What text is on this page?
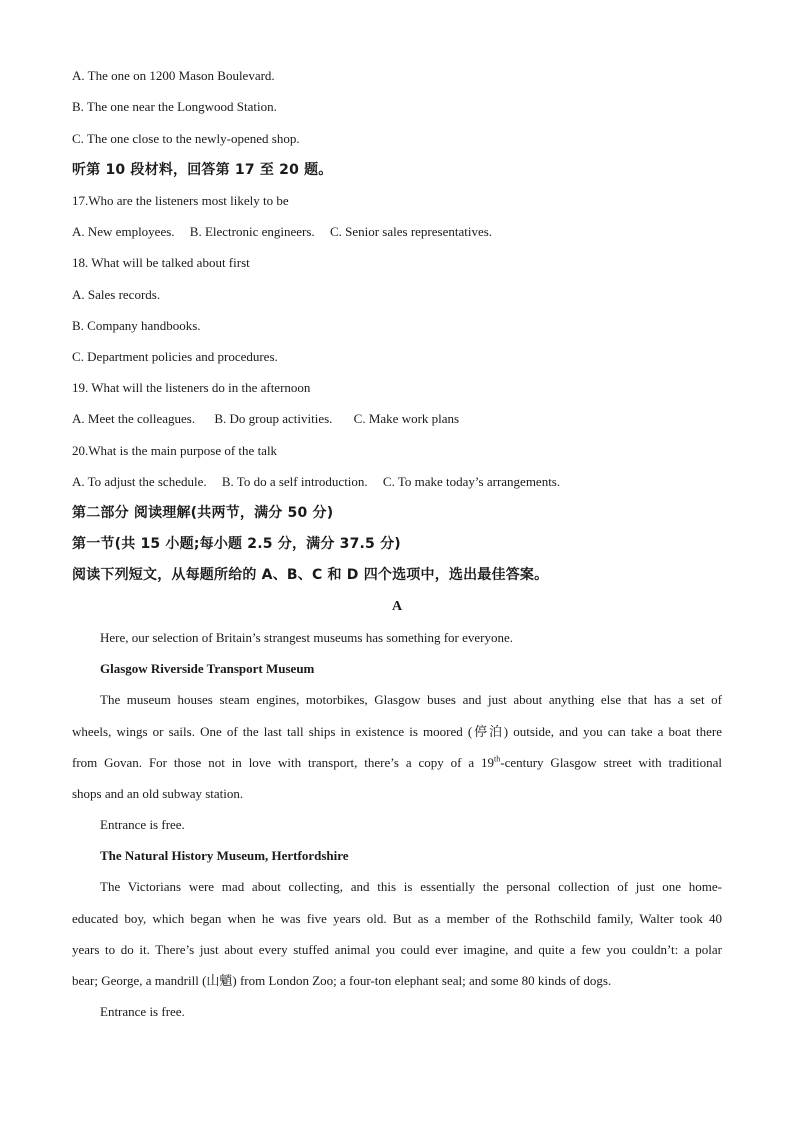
A. The one on 1200 Mason Boulevard.
B. The one near the Longwood Station.
C. The one close to the newly-opened shop.
听第 10 段材料，回答第 17 至 20 题。
17.Who are the listeners most likely to be
A. New employees. B. Electronic engineers. C. Senior sales representatives.
18. What will be talked about first
A. Sales records.
B. Company handbooks.
C. Department policies and procedures.
19. What will the listeners do in the afternoon
A. Meet the colleagues. B. Do group activities. C. Make work plans
20.What is the main purpose of the talk
A. To adjust the schedule. B. To do a self introduction. C. To make today’s arrangements.
第二部分 阅读理解(共两节，满分 50 分)
第一节(共 15 小题;每小题 2.5 分，满分 37.5 分)
阅读下列短文，从每题所给的 A、B、C 和 D 四个选项中，选出最佳答案。
A
Here, our selection of Britain’s strangest museums has something for everyone.
Glasgow Riverside Transport Museum
The museum houses steam engines, motorbikes, Glasgow buses and just about anything else that has a set of
wheels, wings or sails. One of the last tall ships in existence is moored (停泊) outside, and you can take a boat there
from Govan. For those not in love with transport, there’s a copy of a 19th-century Glasgow street with traditional
shops and an old subway station.
Entrance is free.
The Natural History Museum, Hertfordshire
The Victorians were mad about collecting, and this is essentially the personal collection of just one home-
educated boy, which began when he was five years old. But as a member of the Rothschild family, Walter took 40
years to do it. There’s just about every stuffed animal you could ever imagine, and quite a few you couldn’t: a polar
bear; George, a mandrill (山魈) from London Zoo; a four-ton elephant seal; and some 80 kinds of dogs.
Entrance is free.
